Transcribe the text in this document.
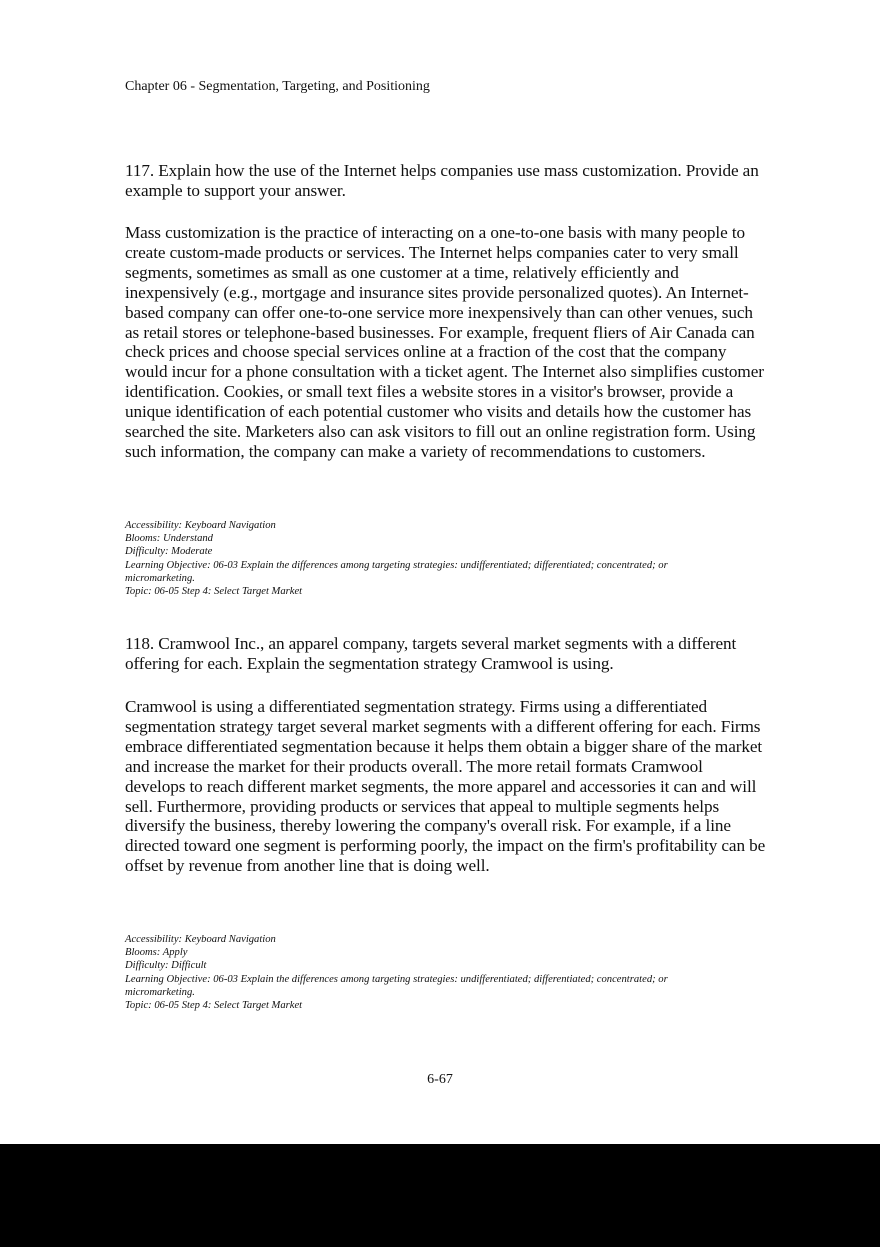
Chapter 06 - Segmentation, Targeting, and Positioning
117. Explain how the use of the Internet helps companies use mass customization. Provide an
example to support your answer.
Mass customization is the practice of interacting on a one-to-one basis with many people to
create custom-made products or services. The Internet helps companies cater to very small
segments, sometimes as small as one customer at a time, relatively efficiently and
inexpensively (e.g., mortgage and insurance sites provide personalized quotes). An Internet-
based company can offer one-to-one service more inexpensively than can other venues, such
as retail stores or telephone-based businesses. For example, frequent fliers of Air Canada can
check prices and choose special services online at a fraction of the cost that the company
would incur for a phone consultation with a ticket agent. The Internet also simplifies customer
identification. Cookies, or small text files a website stores in a visitor's browser, provide a
unique identification of each potential customer who visits and details how the customer has
searched the site. Marketers also can ask visitors to fill out an online registration form. Using
such information, the company can make a variety of recommendations to customers.
Accessibility: Keyboard Navigation
Blooms: Understand
Difficulty: Moderate
Learning Objective: 06-03 Explain the differences among targeting strategies: undifferentiated; differentiated; concentrated; or
micromarketing.
Topic: 06-05 Step 4: Select Target Market
118. Cramwool Inc., an apparel company, targets several market segments with a different
offering for each. Explain the segmentation strategy Cramwool is using.
Cramwool is using a differentiated segmentation strategy. Firms using a differentiated
segmentation strategy target several market segments with a different offering for each. Firms
embrace differentiated segmentation because it helps them obtain a bigger share of the market
and increase the market for their products overall. The more retail formats Cramwool
develops to reach different market segments, the more apparel and accessories it can and will
sell. Furthermore, providing products or services that appeal to multiple segments helps
diversify the business, thereby lowering the company's overall risk. For example, if a line
directed toward one segment is performing poorly, the impact on the firm's profitability can be
offset by revenue from another line that is doing well.
Accessibility: Keyboard Navigation
Blooms: Apply
Difficulty: Difficult
Learning Objective: 06-03 Explain the differences among targeting strategies: undifferentiated; differentiated; concentrated; or
micromarketing.
Topic: 06-05 Step 4: Select Target Market
6-67
